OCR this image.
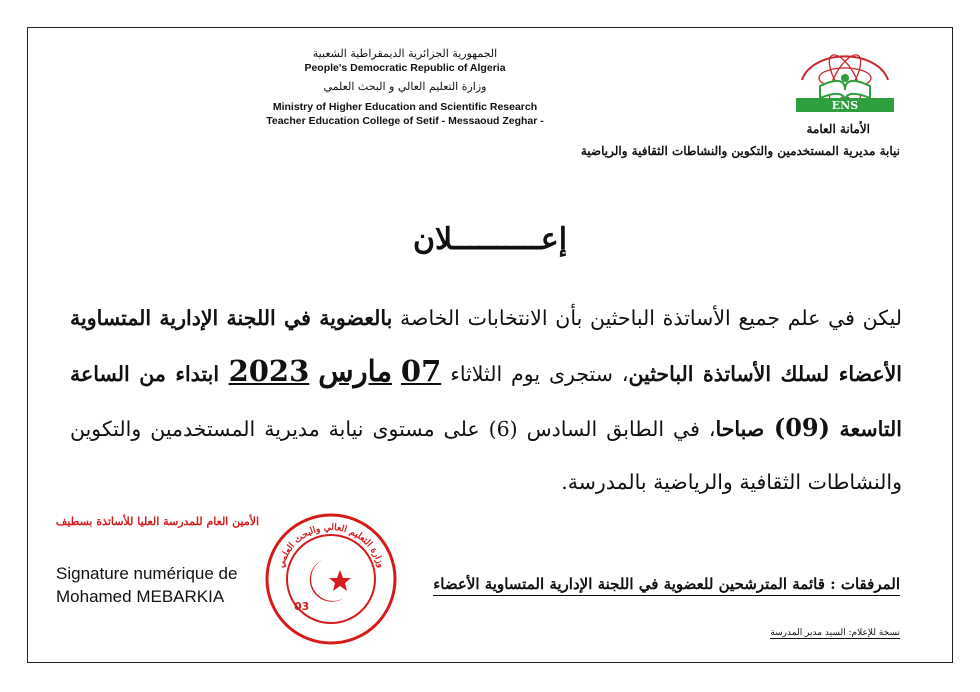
الجمهورية الجزائرية الديمقراطية الشعبية

People's Democratic Republic of Algeria

وزارة التعليم العالي و البحث العلمي

Ministry of Higher Education and Scientific Research

Teacher Education College of Setif - Messaoud Zeghar -

ENS
الأمانة العامة
نيابة مديرية المستخدمين والتكوين والنشاطات الثقافية والرياضية
إعــــــــــلان
ليكن في علم جميع الأساتذة الباحثين بأن الانتخابات الخاصة بالعضوية في اللجنة الإدارية المتساوية الأعضاء لسلك الأساتذة الباحثين، ستجرى يوم الثلاثاء 07 مارس 2023 ابتداء من الساعة التاسعة (09) صباحا، في الطابق السادس (6) على مستوى نيابة مديرية المستخدمين والتكوين والنشاطات الثقافية والرياضية بالمدرسة.
الأمين العام للمدرسة العليا للأساتذة بسطيف
Signature numérique de
Mohamed MEBARKIA
وزارة التعليم العالي والبحث العلمي
03
المرفقات : قائمة المترشحين للعضوية في اللجنة الإدارية المتساوية الأعضاء
نسخة للإعلام: السيد مدير المدرسة
